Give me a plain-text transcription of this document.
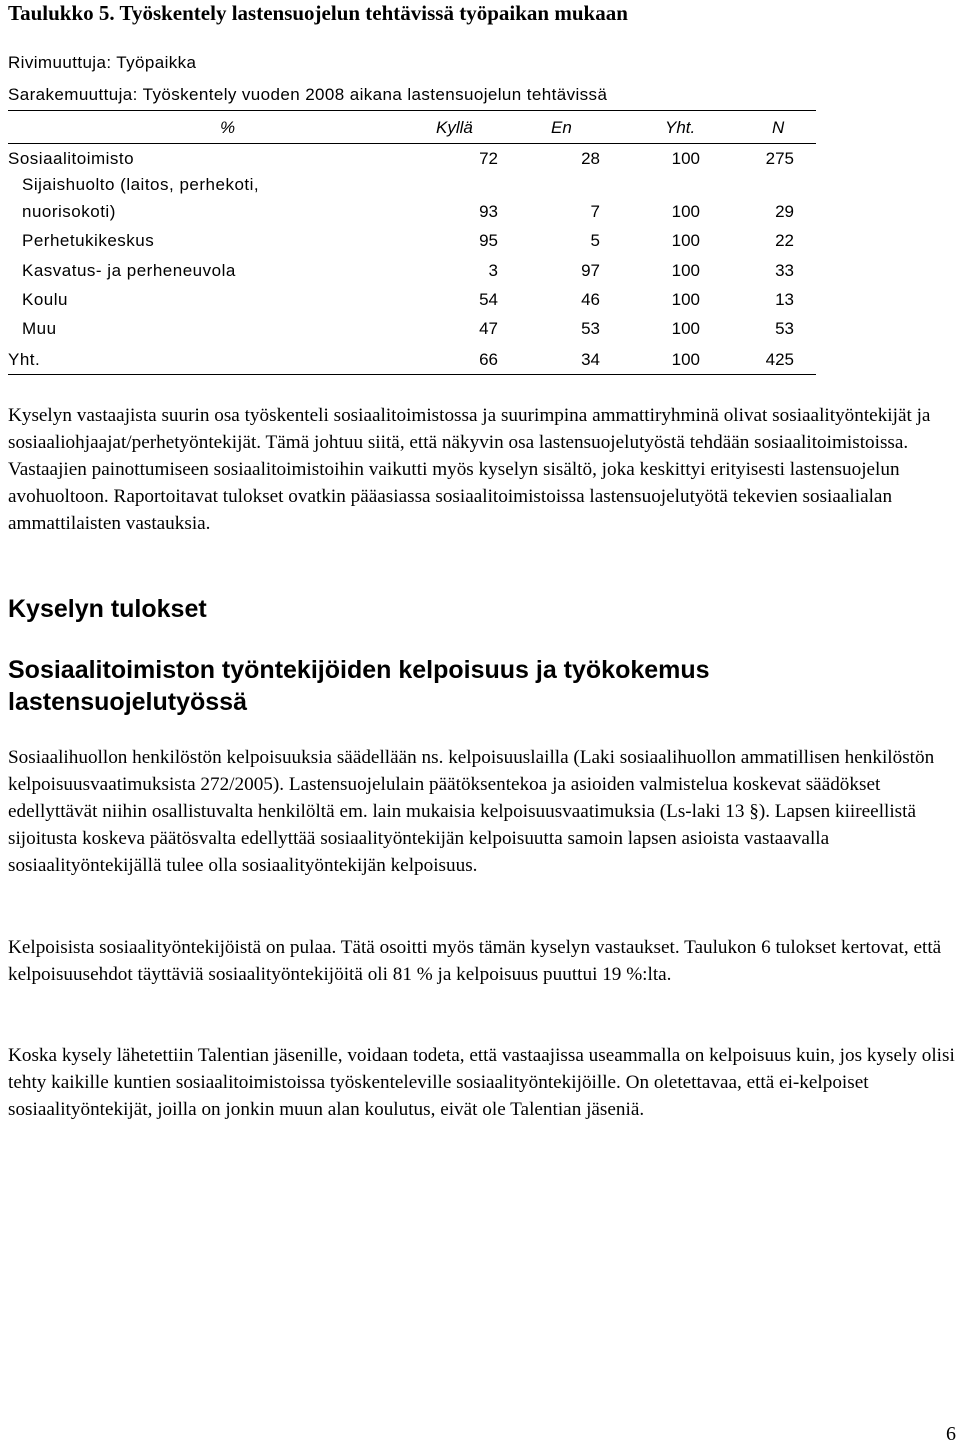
Taulukko 5. Työskentely lastensuojelun tehtävissä työpaikan mukaan
Rivimuuttuja: Työpaikka
Sarakemuuttuja: Työskentely vuoden 2008 aikana lastensuojelun tehtävissä
%	Kyllä	En	Yht.	N
Sosiaalitoimisto	72	28	100	275
Sijaishuolto (laitos, perhekoti,
nuorisokoti)	93	7	100	29
Perhetukikeskus	95	5	100	22
Kasvatus- ja perheneuvola	3	97	100	33
Koulu	54	46	100	13
Muu	47	53	100	53
Yht.	66	34	100	425

Kyselyn vastaajista suurin osa työskenteli sosiaalitoimistossa ja suurimpina ammattiryhminä olivat sosiaalityöntekijät ja sosiaaliohjaajat/perhetyöntekijät. Tämä johtuu siitä, että näkyvin osa lastensuojelutyöstä tehdään sosiaalitoimistoissa. Vastaajien painottumiseen sosiaalitoimistoihin vaikutti myös kyselyn sisältö, joka keskittyi erityisesti lastensuojelun avohuoltoon. Raportoitavat tulokset ovatkin pääasiassa sosiaalitoimistoissa lastensuojelutyötä tekevien sosiaalialan ammattilaisten vastauksia.

Kyselyn tulokset
Sosiaalitoimiston työntekijöiden kelpoisuus ja työkokemus lastensuojelutyössä

Sosiaalihuollon henkilöstön kelpoisuuksia säädellään ns. kelpoisuuslailla (Laki sosiaalihuollon ammatillisen henkilöstön kelpoisuusvaatimuksista 272/2005). Lastensuojelulain päätöksentekoa ja asioiden valmistelua koskevat säädökset edellyttävät niihin osallistuvalta henkilöltä em. lain mukaisia kelpoisuusvaatimuksia (Ls-laki 13 §). Lapsen kiireellistä sijoitusta koskeva päätösvalta edellyttää sosiaalityöntekijän kelpoisuutta samoin lapsen asioista vastaavalla sosiaalityöntekijällä tulee olla sosiaalityöntekijän kelpoisuus.

Kelpoisista sosiaalityöntekijöistä on pulaa. Tätä osoitti myös tämän kyselyn vastaukset. Taulukon 6 tulokset kertovat, että kelpoisuusehdot täyttäviä sosiaalityöntekijöitä oli 81 % ja kelpoisuus puuttui 19 %:lta.

Koska kysely lähetettiin Talentian jäsenille, voidaan todeta, että vastaajissa useammalla on kelpoisuus kuin, jos kysely olisi tehty kaikille kuntien sosiaalitoimistoissa työskenteleville sosiaalityöntekijöille. On oletettavaa, että ei-kelpoiset sosiaalityöntekijät, joilla on jonkin muun alan koulutus, eivät ole Talentian jäseniä.

6
